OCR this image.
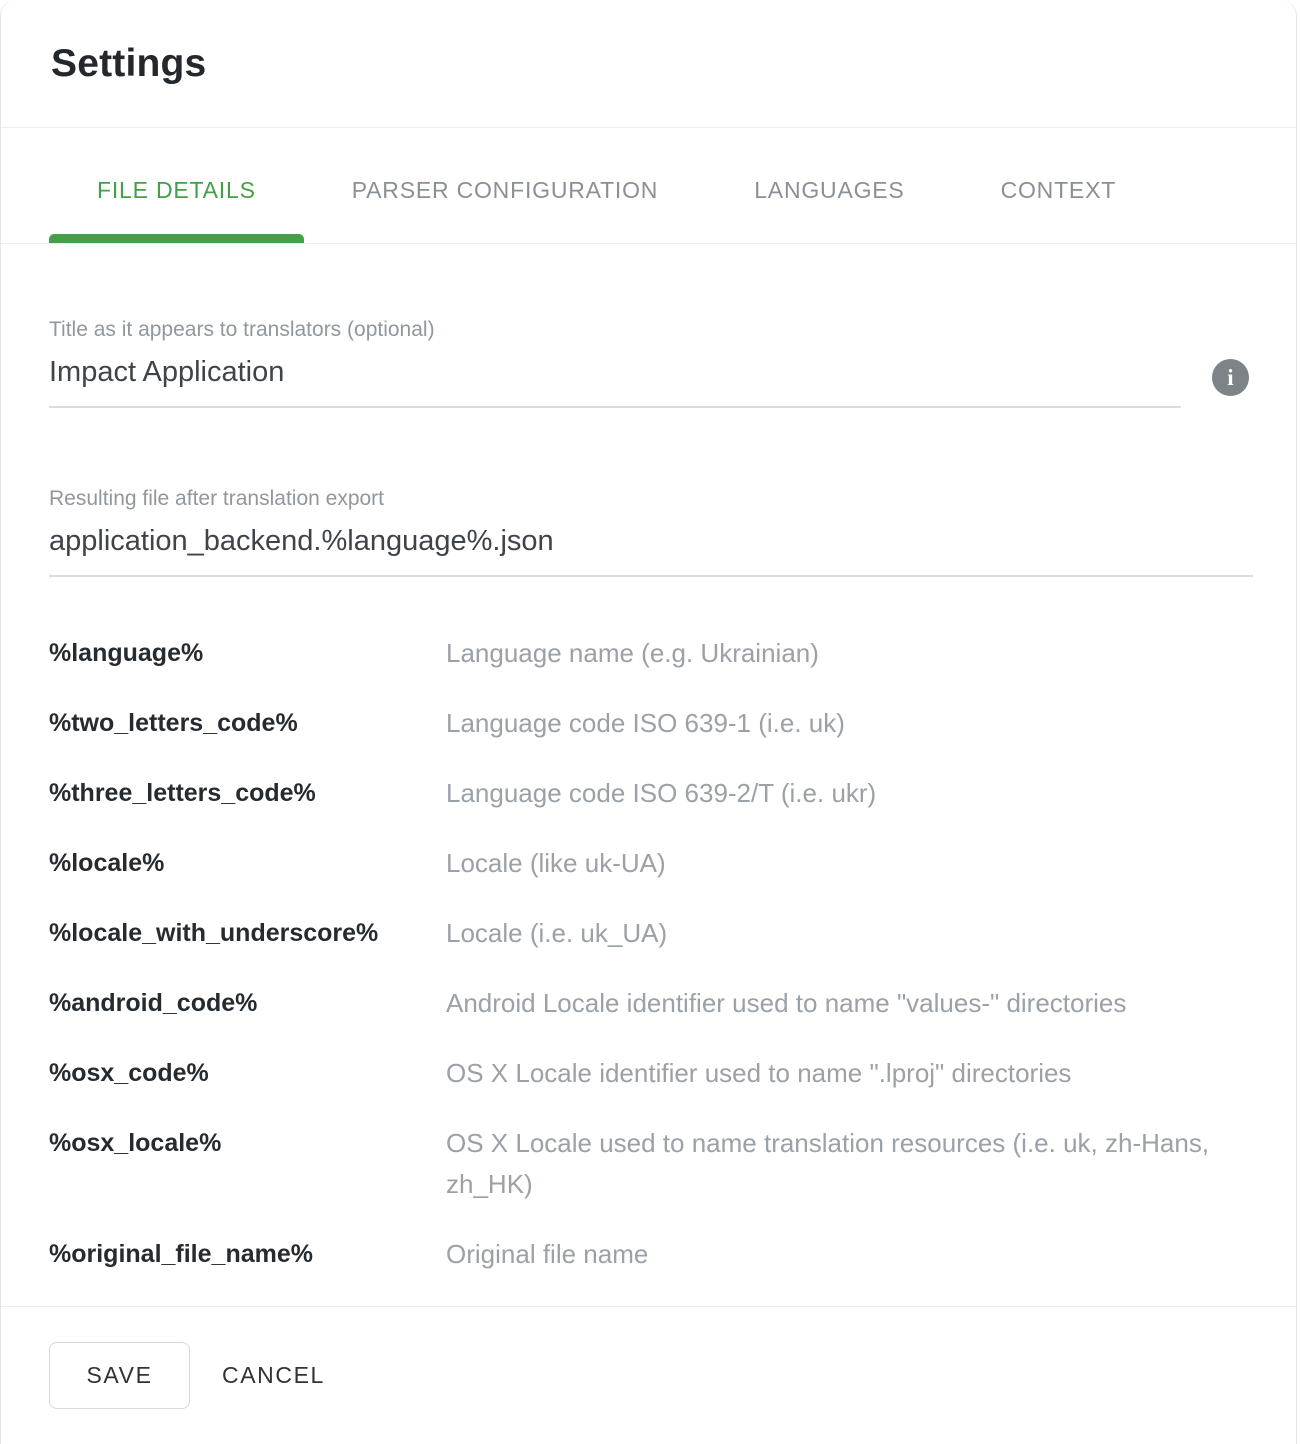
Settings
FILE DETAILS	PARSER CONFIGURATION	LANGUAGES	CONTEXT
Title as it appears to translators (optional)
Impact Application
i
Resulting file after translation export
application_backend.%language%.json
%language%	Language name (e.g. Ukrainian)
%two_letters_code%	Language code ISO 639-1 (i.e. uk)
%three_letters_code%	Language code ISO 639-2/T (i.e. ukr)
%locale%	Locale (like uk-UA)
%locale_with_underscore%	Locale (i.e. uk_UA)
%android_code%	Android Locale identifier used to name "values-" directories
%osx_code%	OS X Locale identifier used to name ".lproj" directories
%osx_locale%	OS X Locale used to name translation resources (i.e. uk, zh-Hans, zh_HK)
%original_file_name%	Original file name
SAVE	CANCEL
